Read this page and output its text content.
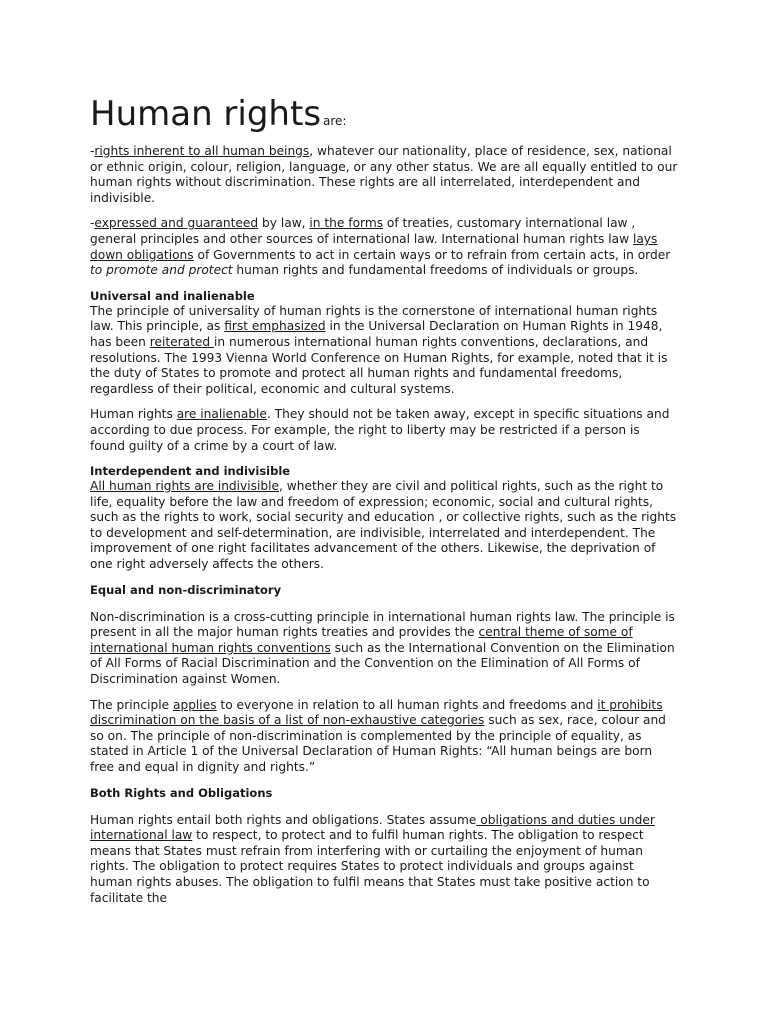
Human rights are:

-rights inherent to all human beings, whatever our nationality, place of residence, sex, national or ethnic origin, colour, religion, language, or any other status. We are all equally entitled to our human rights without discrimination. These rights are all interrelated, interdependent and indivisible.

-expressed and guaranteed by law, in the forms of treaties, customary international law , general principles and other sources of international law. International human rights law lays down obligations of Governments to act in certain ways or to refrain from certain acts, in order to promote and protect human rights and fundamental freedoms of individuals or groups.

Universal and inalienable

The principle of universality of human rights is the cornerstone of international human rights law. This principle, as first emphasized in the Universal Declaration on Human Rights in 1948, has been reiterated in numerous international human rights conventions, declarations, and resolutions. The 1993 Vienna World Conference on Human Rights, for example, noted that it is the duty of States to promote and protect all human rights and fundamental freedoms, regardless of their political, economic and cultural systems.

Human rights are inalienable. They should not be taken away, except in specific situations and according to due process. For example, the right to liberty may be restricted if a person is found guilty of a crime by a court of law.

Interdependent and indivisible

All human rights are indivisible, whether they are civil and political rights, such as the right to life, equality before the law and freedom of expression; economic, social and cultural rights, such as the rights to work, social security and education , or collective rights, such as the rights to development and self-determination, are indivisible, interrelated and interdependent. The improvement of one right facilitates advancement of the others. Likewise, the deprivation of one right adversely affects the others.

Equal and non-discriminatory

Non-discrimination is a cross-cutting principle in international human rights law. The principle is present in all the major human rights treaties and provides the central theme of some of international human rights conventions such as the International Convention on the Elimination of All Forms of Racial Discrimination and the Convention on the Elimination of All Forms of Discrimination against Women.

The principle applies to everyone in relation to all human rights and freedoms and it prohibits discrimination on the basis of a list of non-exhaustive categories such as sex, race, colour and so on. The principle of non-discrimination is complemented by the principle of equality, as stated in Article 1 of the Universal Declaration of Human Rights: “All human beings are born free and equal in dignity and rights.”

Both Rights and Obligations

Human rights entail both rights and obligations. States assume obligations and duties under international law to respect, to protect and to fulfil human rights. The obligation to respect means that States must refrain from interfering with or curtailing the enjoyment of human rights. The obligation to protect requires States to protect individuals and groups against human rights abuses. The obligation to fulfil means that States must take positive action to facilitate the
